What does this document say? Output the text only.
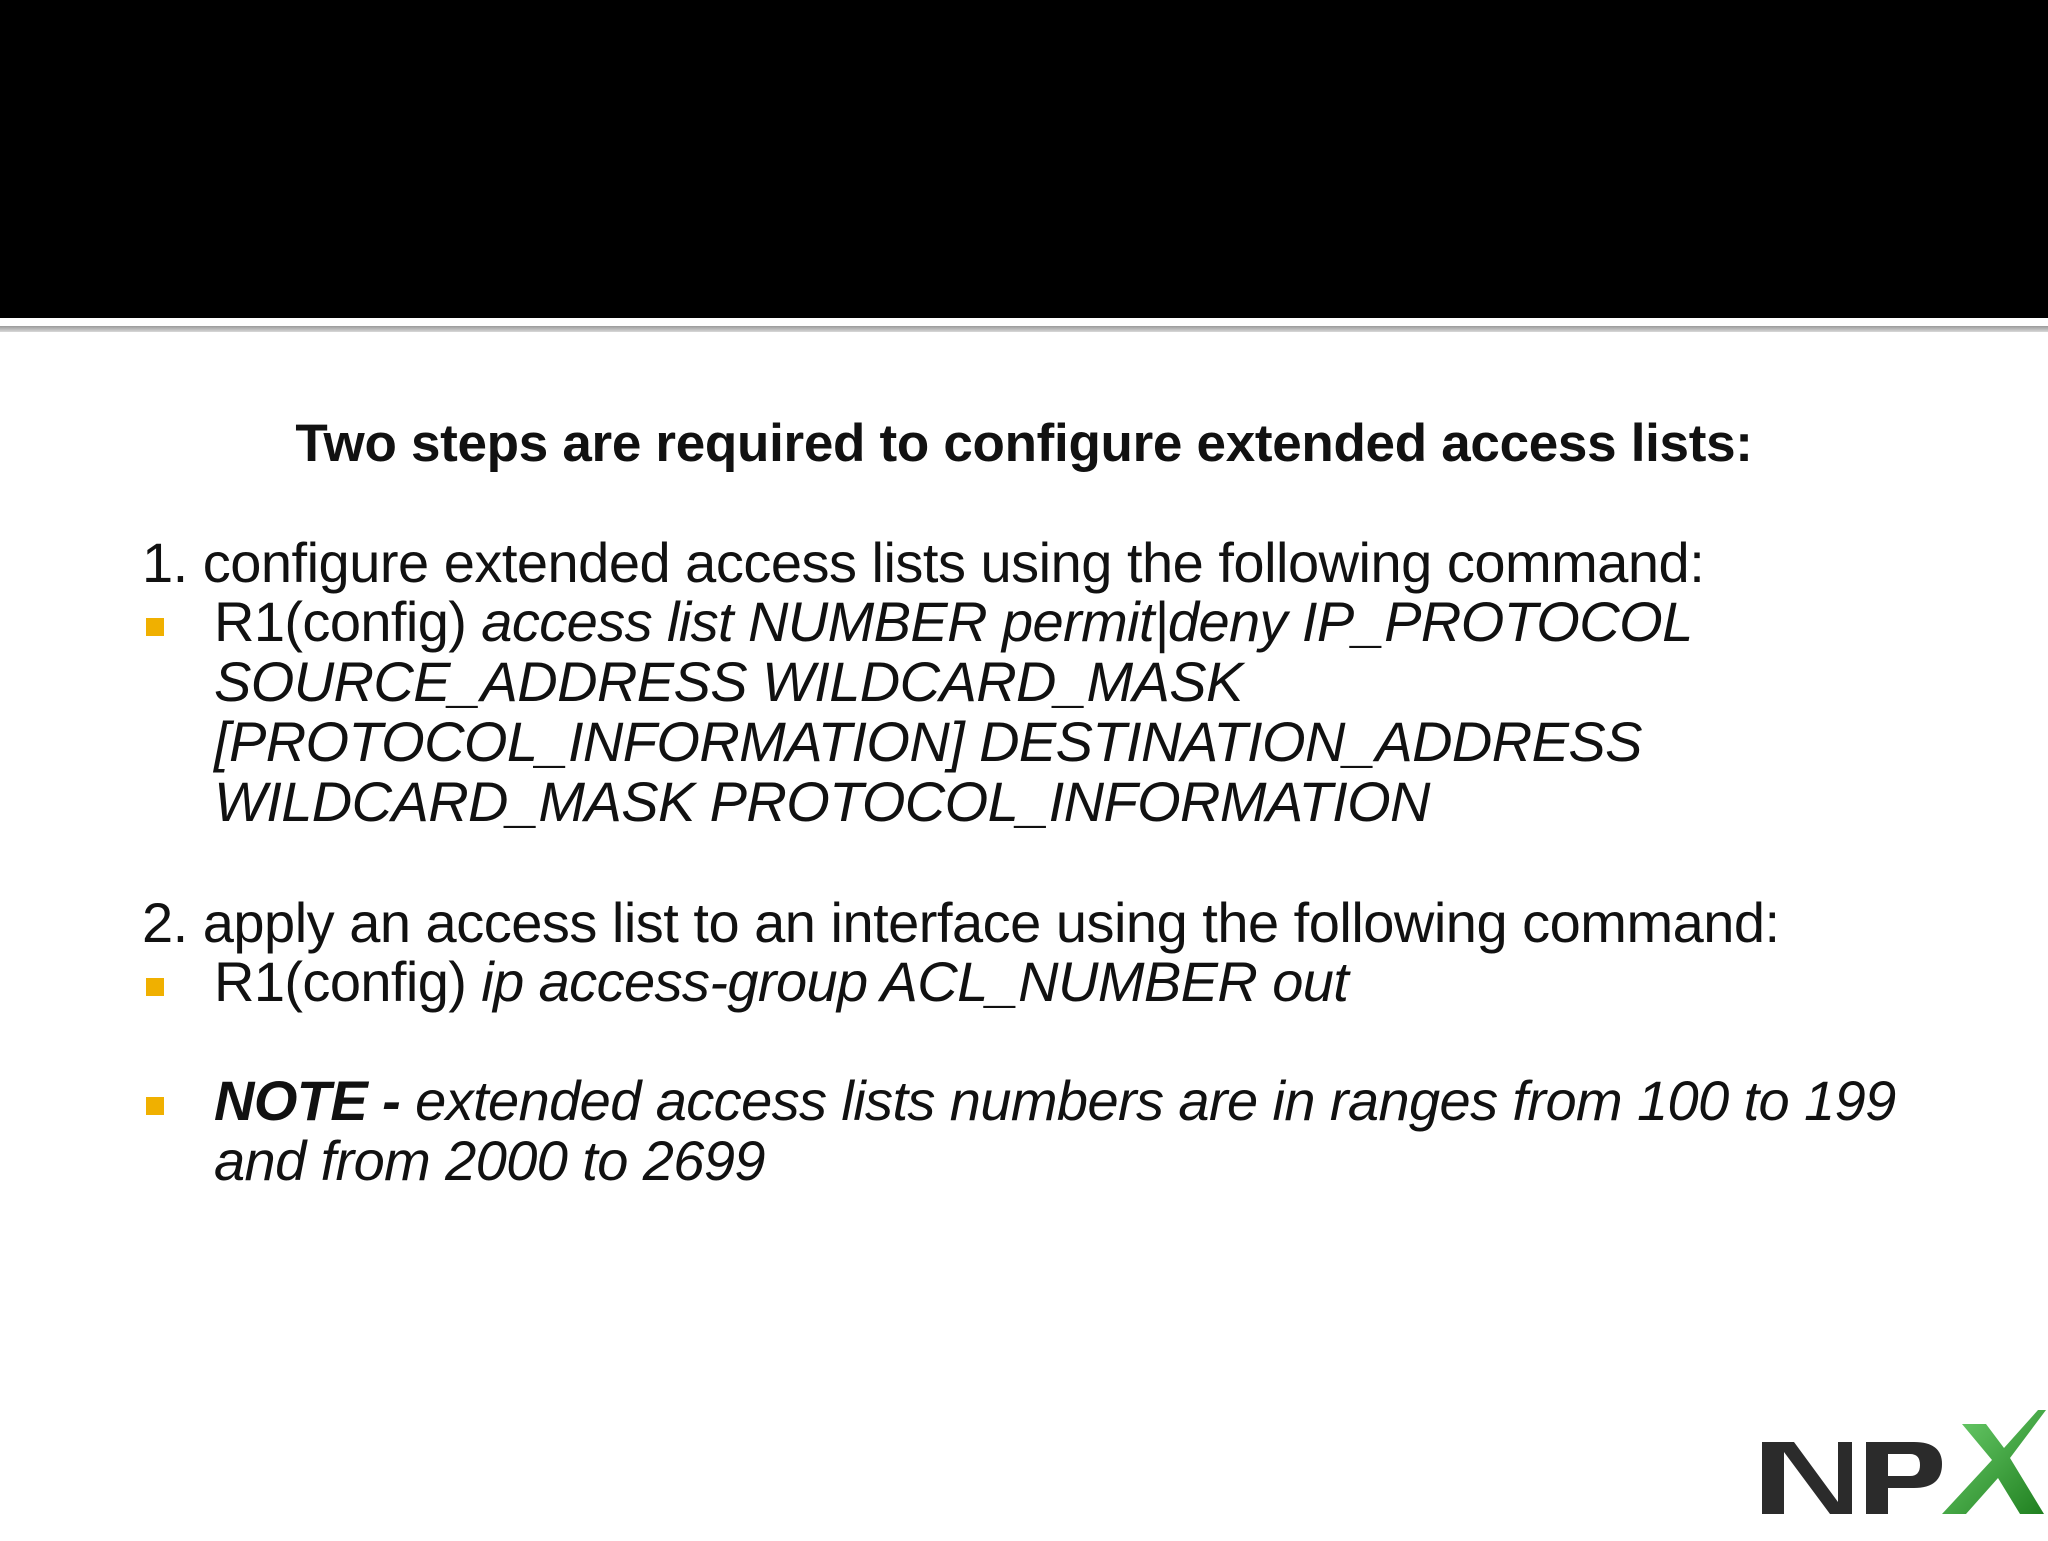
Two steps are required to configure extended access lists:

1. configure extended access lists using the following command:

R1(config) access list NUMBER permit|deny IP_PROTOCOL SOURCE_ADDRESS WILDCARD_MASK [PROTOCOL_INFORMATION] DESTINATION_ADDRESS WILDCARD_MASK PROTOCOL_INFORMATION

2. apply an access list to an interface using the following command:

R1(config) ip access-group ACL_NUMBER out

NOTE - extended access lists numbers are in ranges from 100 to 199 and from 2000 to 2699
